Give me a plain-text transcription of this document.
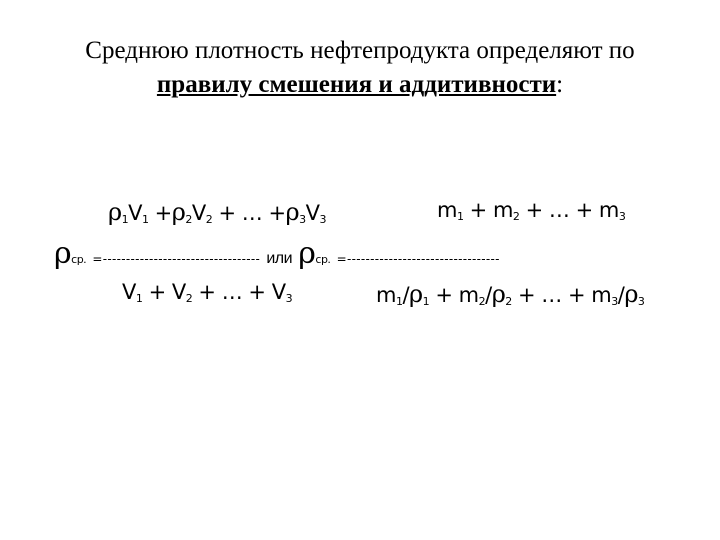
Среднюю плотность нефтепродукта определяют по
правилу смешения и аддитивности:
$\rho_1V_1 +\rho_2V_2$ + … $+\rho_3V_3$	$m_1 + m_2$ + … + $m_3$
ρср. =---------------------------------- или ρср. =---------------------------------
$V_1 + V_2$ + … + $V_3$	$m_1/\rho_1 + m_2/\rho_2$ + … + $m_3/\rho_3$
